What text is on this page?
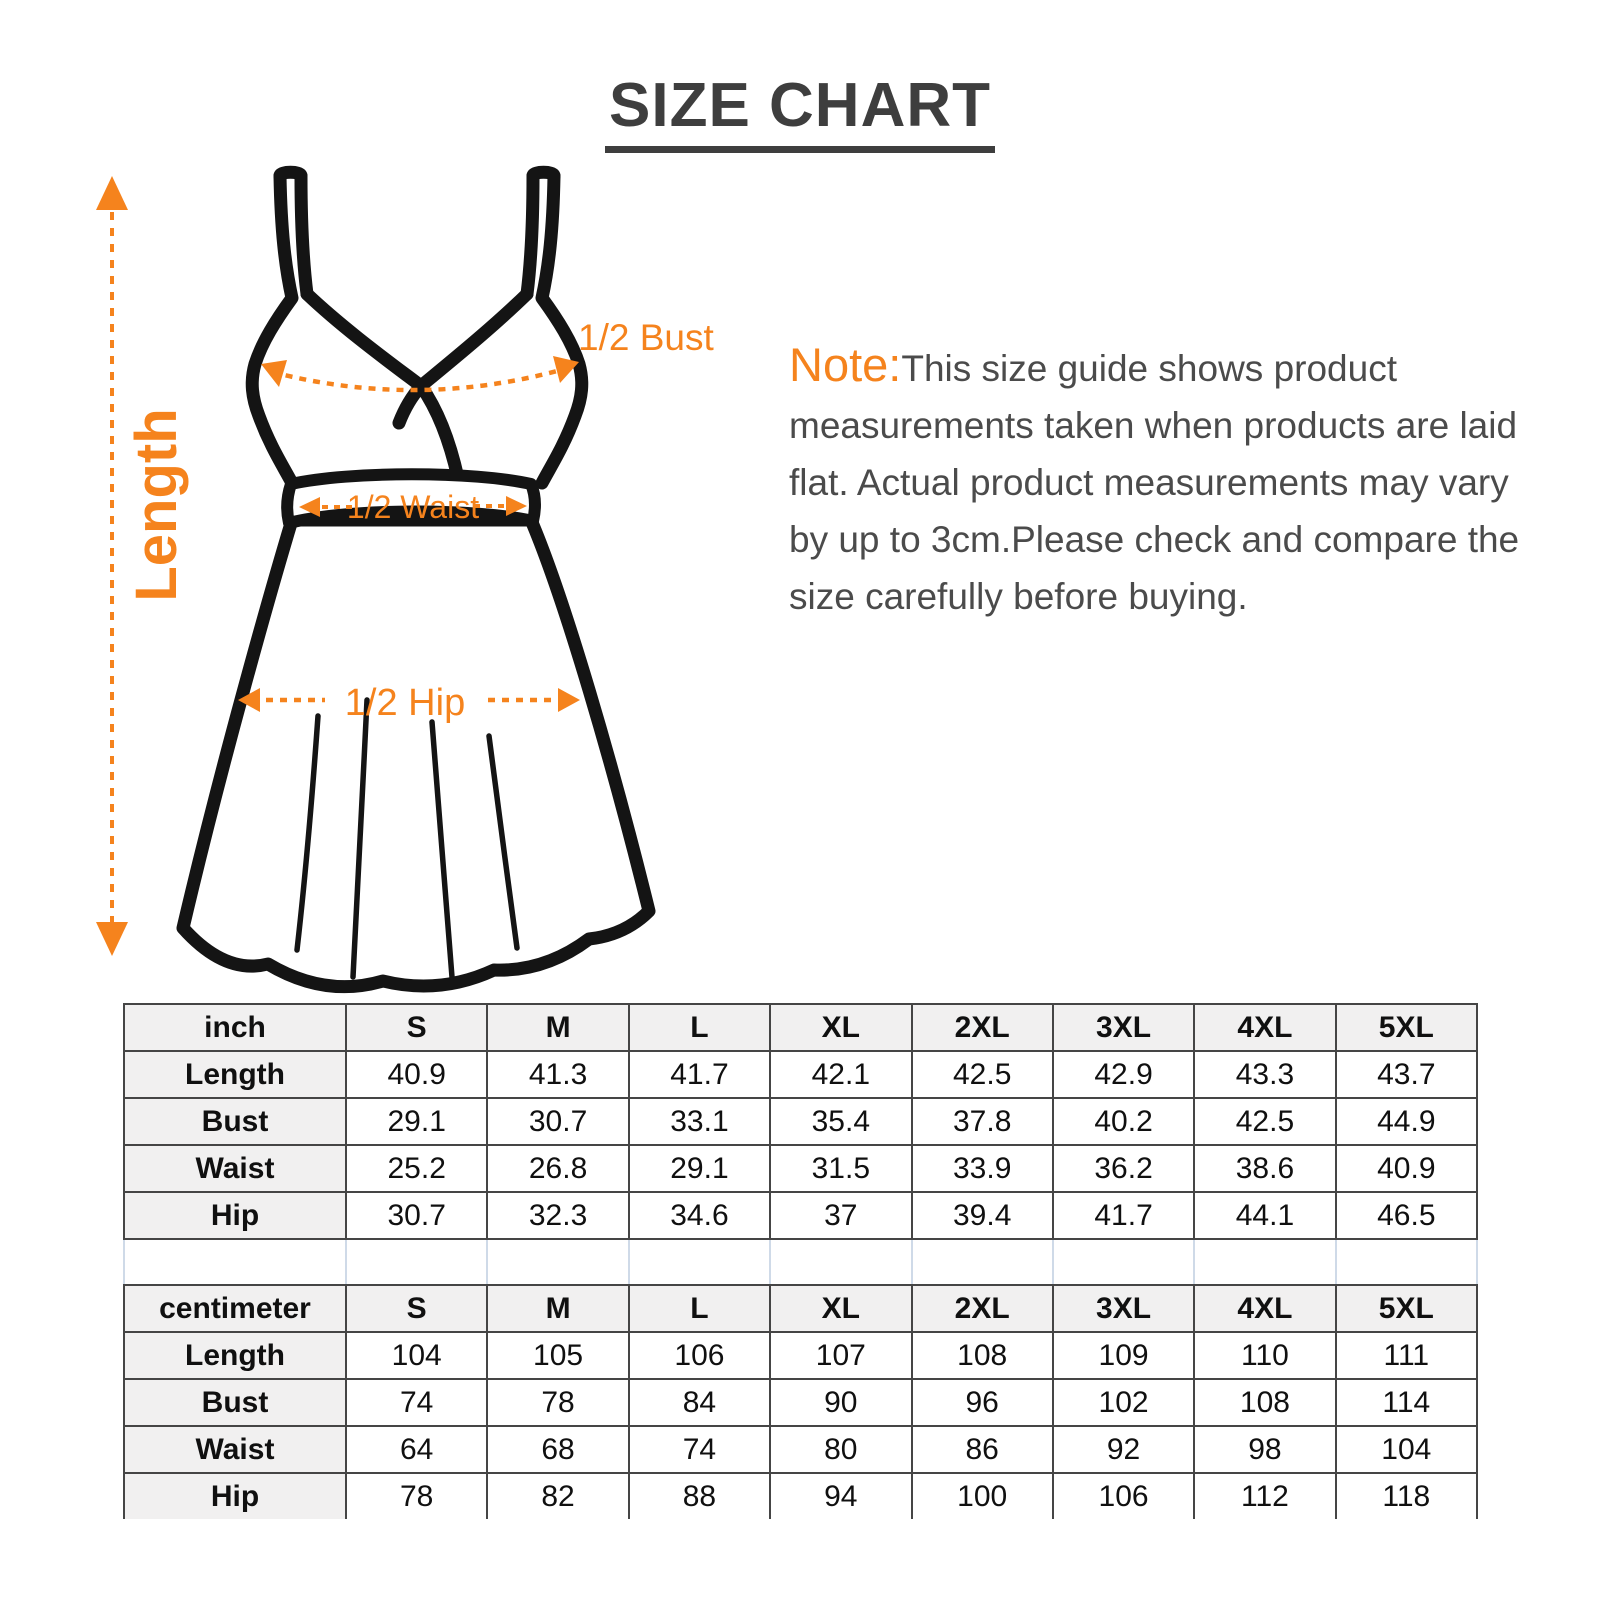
SIZE CHART
Length
1/2 Bust
1/2 Waist
1/2 Hip
Note:This size guide shows product measurements taken when products are laid flat. Actual product measurements may vary by up to 3cm.Please check and compare the size carefully before buying.
inch	S	M	L	XL	2XL	3XL	4XL	5XL
Length	40.9	41.3	41.7	42.1	42.5	42.9	43.3	43.7
Bust	29.1	30.7	33.1	35.4	37.8	40.2	42.5	44.9
Waist	25.2	26.8	29.1	31.5	33.9	36.2	38.6	40.9
Hip	30.7	32.3	34.6	37	39.4	41.7	44.1	46.5

centimeter	S	M	L	XL	2XL	3XL	4XL	5XL
Length	104	105	106	107	108	109	110	111
Bust	74	78	84	90	96	102	108	114
Waist	64	68	74	80	86	92	98	104
Hip	78	82	88	94	100	106	112	118
